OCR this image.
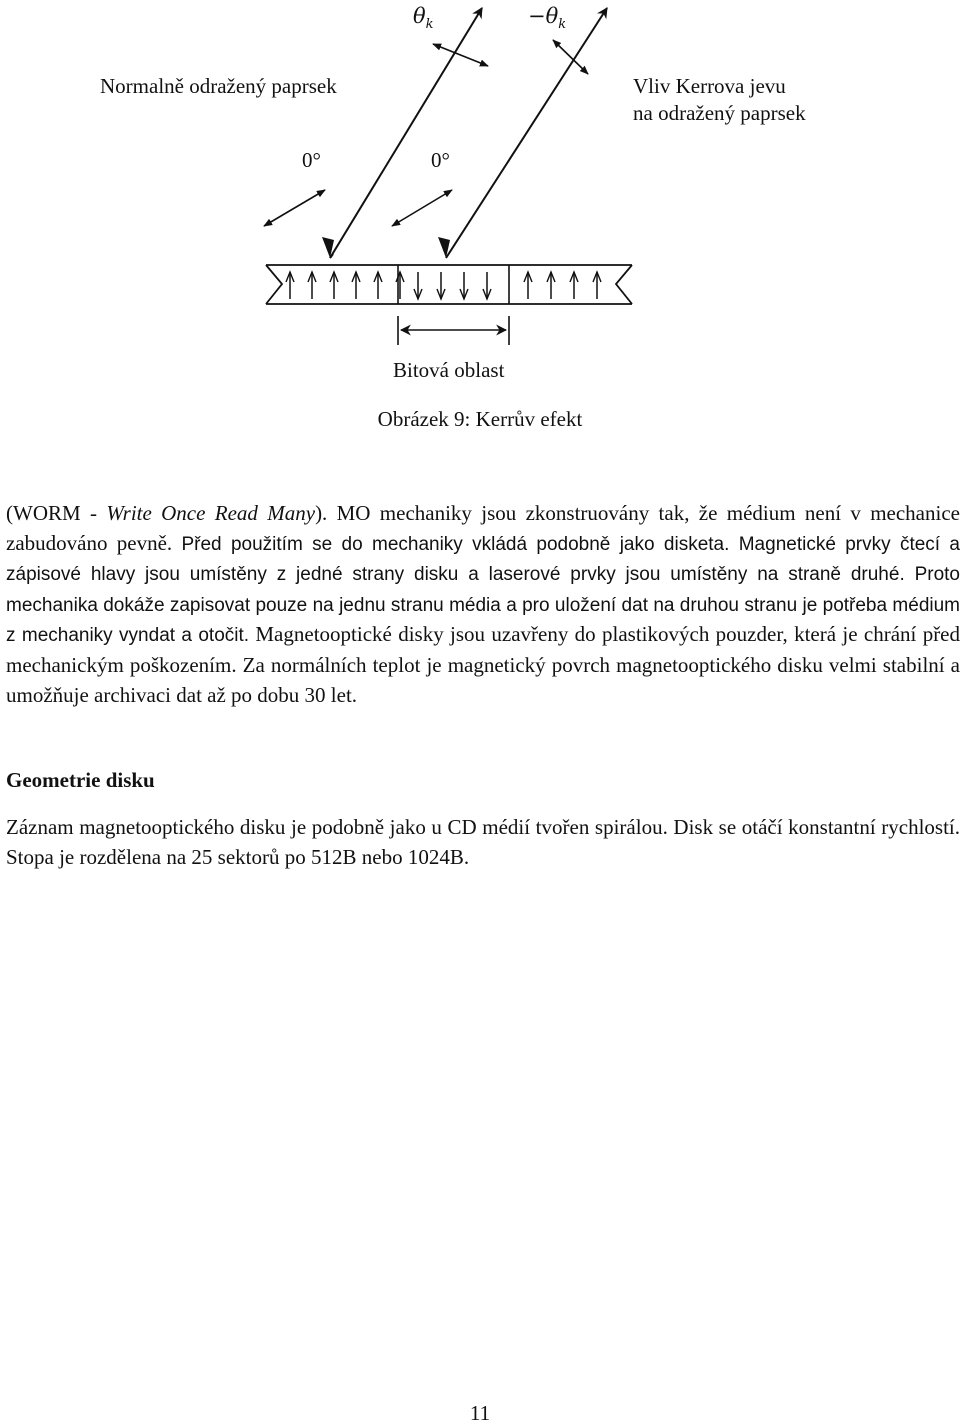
$\theta_k$	$-\theta_k$
Normalně odražený paprsek	Vliv Kerrova jevu
na odražený paprsek
0°	0°
Bitová oblast
Obrázek 9: Kerrův efekt

(WORM - Write Once Read Many). MO mechaniky jsou zkonstruovány tak, že médium není v mechanice zabudováno pevně. Před použitím se do mechaniky vkládá podobně jako disketa. Magnetické prvky čtecí a zápisové hlavy jsou umístěny z jedné strany disku a laserové prvky jsou umístěny na straně druhé. Proto mechanika dokáže zapisovat pouze na jednu stranu média a pro uložení dat na druhou stranu je potřeba médium z mechaniky vyndat a otočit. Magnetooptické disky jsou uzavřeny do plastikových pouzder, která je chrání před mechanickým poškozením. Za normálních teplot je magnetický povrch magnetooptického disku velmi stabilní a umožňuje archivaci dat až po dobu 30 let.

Geometrie disku

Záznam magnetooptického disku je podobně jako u CD médií tvořen spirálou. Disk se otáčí konstantní rychlostí. Stopa je rozdělena na 25 sektorů po 512B nebo 1024B.

11
